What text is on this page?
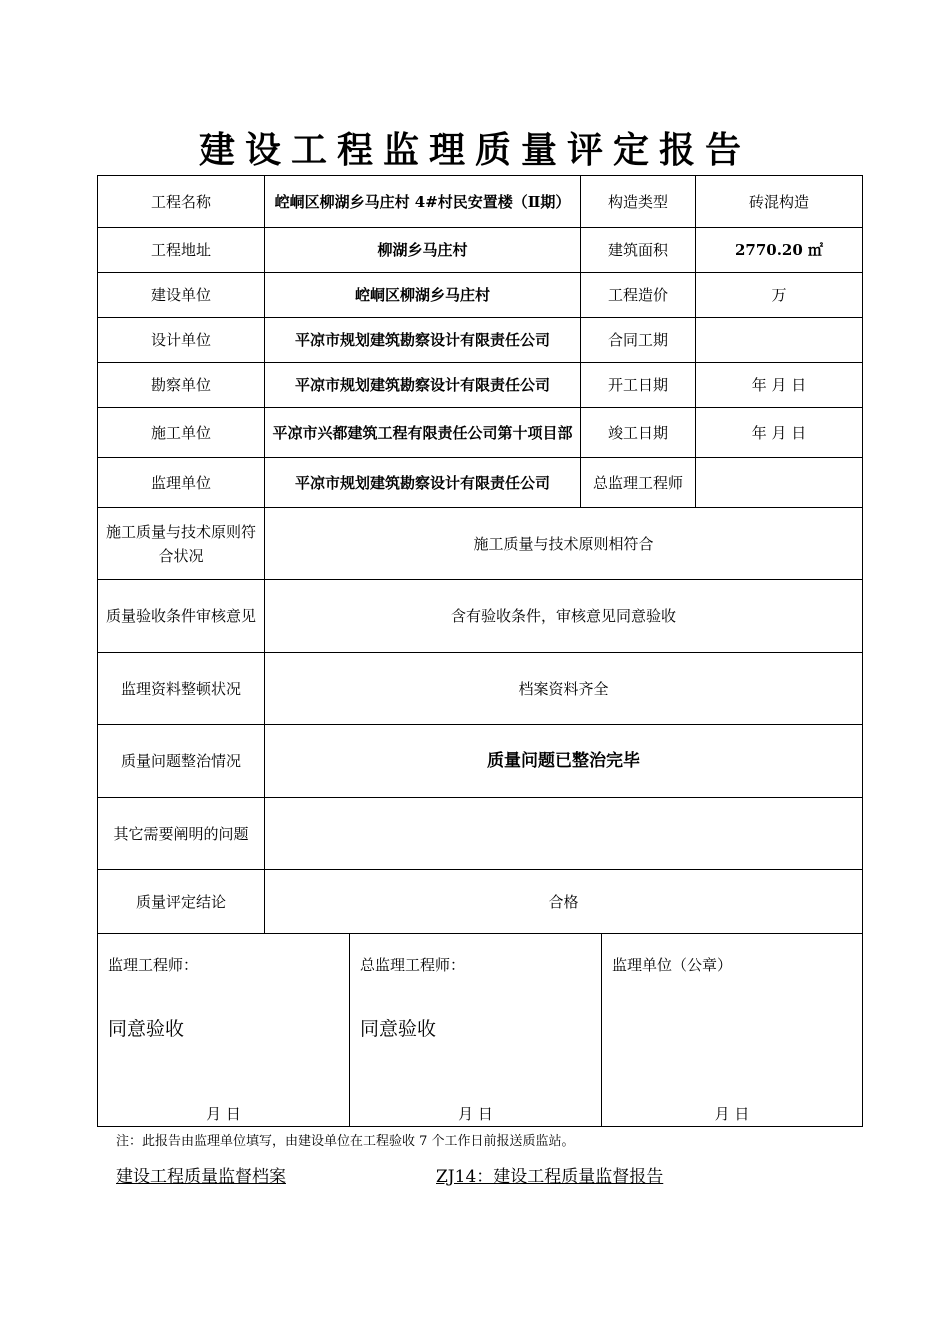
建设工程监理质量评定报告
工程名称	崆峒区柳湖乡马庄村 4#村民安置楼（Ⅱ期）	构造类型	砖混构造
工程地址	柳湖乡马庄村	建筑面积	2770.20 ㎡
建设单位	崆峒区柳湖乡马庄村	工程造价	万
设计单位	平凉市规划建筑勘察设计有限责任公司	合同工期	
勘察单位	平凉市规划建筑勘察设计有限责任公司	开工日期	年 月 日
施工单位	平凉市兴都建筑工程有限责任公司第十项目部	竣工日期	年 月 日
监理单位	平凉市规划建筑勘察设计有限责任公司	总监理工程师	
施工质量与技术原则符合状况	施工质量与技术原则相符合		
质量验收条件审核意见	含有验收条件，审核意见同意验收		
监理资料整顿状况	档案资料齐全		
质量问题整治情况	质量问题已整治完毕		
其它需要阐明的问题			
质量评定结论	合格		
监理工程师：
同意验收
月 日

总监理工程师：
同意验收
月 日

监理单位（公章）
月 日
注：此报告由监理单位填写，由建设单位在工程验收 7 个工作日前报送质监站。
建设工程质量监督档案	ZJ14：建设工程质量监督报告
